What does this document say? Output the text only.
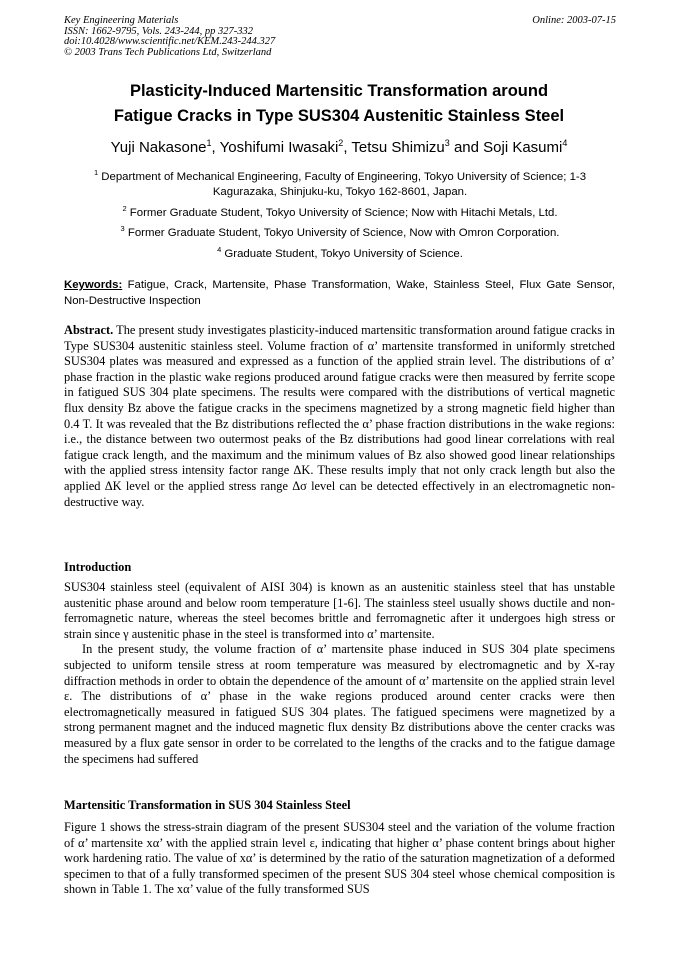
Key Engineering Materials
ISSN: 1662-9795, Vols. 243-244, pp 327-332
doi:10.4028/www.scientific.net/KEM.243-244.327
© 2003 Trans Tech Publications Ltd, Switzerland
Online: 2003-07-15
Plasticity-Induced Martensitic Transformation around
Fatigue Cracks in Type SUS304 Austenitic Stainless Steel
Yuji Nakasone$^1$, Yoshifumi Iwasaki$^2$, Tetsu Shimizu$^3$ and Soji Kasumi$^4$
$^1$ Department of Mechanical Engineering, Faculty of Engineering, Tokyo University of Science; 1-3 Kagurazaka, Shinjuku-ku, Tokyo 162-8601, Japan.
$^2$ Former Graduate Student, Tokyo University of Science; Now with Hitachi Metals, Ltd.
$^3$ Former Graduate Student, Tokyo University of Science, Now with Omron Corporation.
$^4$ Graduate Student, Tokyo University of Science.
Keywords: Fatigue, Crack, Martensite, Phase Transformation, Wake, Stainless Steel, Flux Gate Sensor, Non-Destructive Inspection
Abstract. The present study investigates plasticity-induced martensitic transformation around fatigue cracks in Type SUS304 austenitic stainless steel. Volume fraction of α’ martensite transformed in uniformly stretched SUS304 plates was measured and expressed as a function of the applied strain level. The distributions of α’ phase fraction in the plastic wake regions produced around fatigue cracks were then measured by ferrite scope in fatigued SUS 304 plate specimens. The results were compared with the distributions of vertical magnetic flux density Bz above the fatigue cracks in the specimens magnetized by a strong magnetic field higher than 0.4 T. It was revealed that the Bz distributions reflected the α’ phase fraction distributions in the wake regions: i.e., the distance between two outermost peaks of the Bz distributions had good linear correlations with real fatigue crack length, and the maximum and the minimum values of Bz also showed good linear relationships with the applied stress intensity factor range ΔK. These results imply that not only crack length but also the applied ΔK level or the applied stress range Δσ level can be detected effectively in an electromagnetic non-destructive way.
Introduction

SUS304 stainless steel (equivalent of AISI 304) is known as an austenitic stainless steel that has unstable austenitic phase around and below room temperature [1-6]. The stainless steel usually shows ductile and non-ferromagnetic nature, whereas the steel becomes brittle and ferromagnetic after it undergoes high stress or strain since γ austenitic phase in the steel is transformed into α’ martensite.

In the present study, the volume fraction of α’ martensite phase induced in SUS 304 plate specimens subjected to uniform tensile stress at room temperature was measured by electromagnetic and by X-ray diffraction methods in order to obtain the dependence of the amount of α’ martensite on the applied strain level ε. The distributions of α’ phase in the wake regions produced around center cracks were then electromagnetically measured in fatigued SUS 304 plates. The fatigued specimens were magnetized by a strong permanent magnet and the induced magnetic flux density Bz distributions above the center cracks was measured by a flux gate sensor in order to be correlated to the lengths of the cracks and to the fatigue damage the specimens had suffered

Martensitic Transformation in SUS 304 Stainless Steel
Figure 1 shows the stress-strain diagram of the present SUS304 steel and the variation of the volume fraction of α’ martensite xα’ with the applied strain level ε, indicating that higher α’ phase content brings about higher work hardening ratio. The value of xα’ is determined by the ratio of the saturation magnetization of a deformed specimen to that of a fully transformed specimen of the present SUS 304 steel whose chemical composition is shown in Table 1. The xα’ value of the fully transformed SUS
